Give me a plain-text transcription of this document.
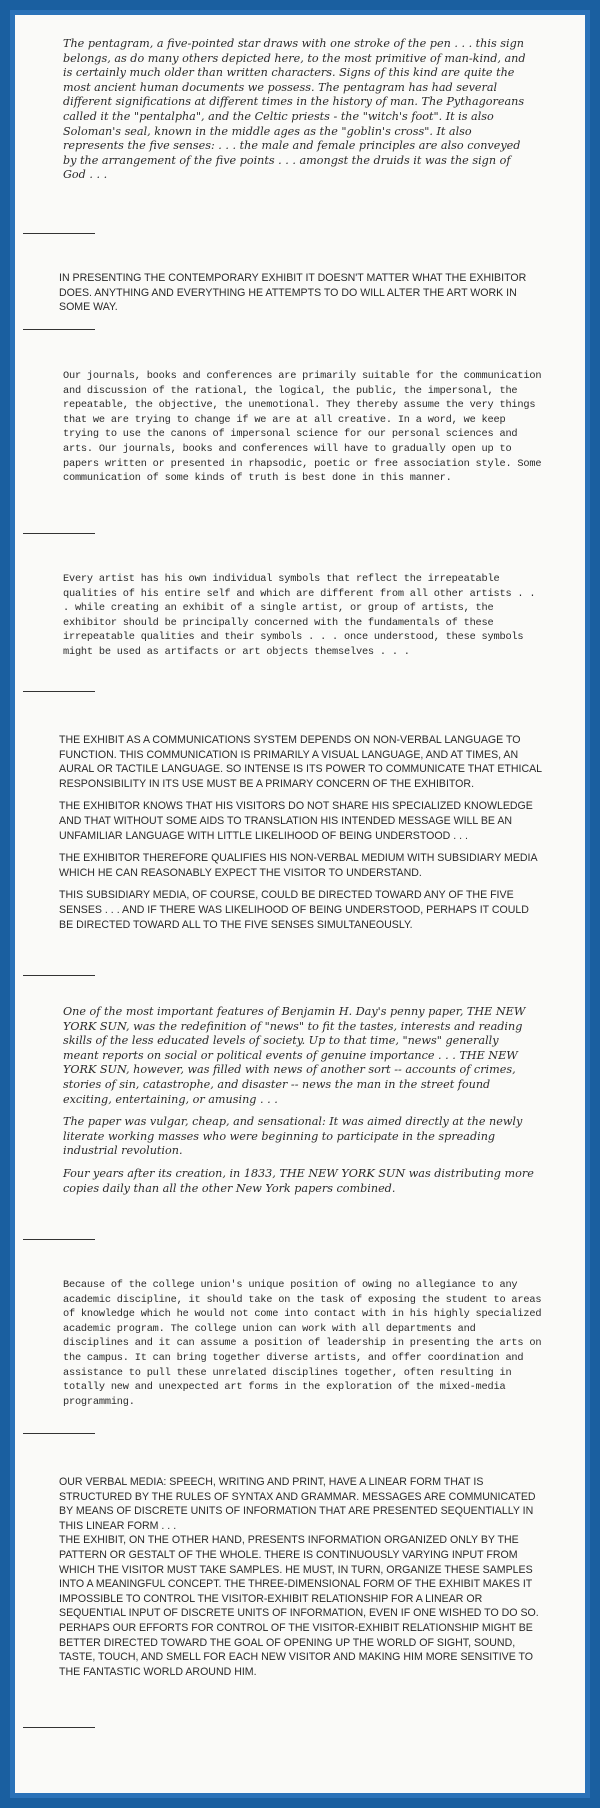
The pentagram, a five-pointed star draws with one stroke of the pen . . . this sign belongs, as do many others depicted here, to the most primitive of man-kind, and is certainly much older than written characters. Signs of this kind are quite the most ancient human documents we possess. The pentagram has had several different significations at different times in the history of man. The Pythagoreans called it the "pentalpha", and the Celtic priests - the "witch's foot". It is also Soloman's seal, known in the middle ages as the "goblin's cross". It also represents the five senses: . . . the male and female principles are also conveyed by the arrangement of the five points . . . amongst the druids it was the sign of God . . .

IN PRESENTING THE CONTEMPORARY EXHIBIT IT DOESN'T MATTER WHAT THE EXHIBITOR DOES. ANYTHING AND EVERYTHING HE ATTEMPTS TO DO WILL ALTER THE ART WORK IN SOME WAY.

Our journals, books and conferences are primarily suitable for the communication and discussion of the rational, the logical, the public, the impersonal, the repeatable, the objective, the unemotional. They thereby assume the very things that we are trying to change if we are at all creative. In a word, we keep trying to use the canons of impersonal science for our personal sciences and arts. Our journals, books and conferences will have to gradually open up to papers written or presented in rhapsodic, poetic or free association style. Some communication of some kinds of truth is best done in this manner.

Every artist has his own individual symbols that reflect the irrepeatable qualities of his entire self and which are different from all other artists . . . while creating an exhibit of a single artist, or group of artists, the exhibitor should be principally concerned with the fundamentals of these irrepeatable qualities and their symbols . . . once understood, these symbols might be used as artifacts or art objects themselves . . .

THE EXHIBIT AS A COMMUNICATIONS SYSTEM DEPENDS ON NON-VERBAL LANGUAGE TO FUNCTION. THIS COMMUNICATION IS PRIMARILY A VISUAL LANGUAGE, AND AT TIMES, AN AURAL OR TACTILE LANGUAGE. SO INTENSE IS ITS POWER TO COMMUNICATE THAT ETHICAL RESPONSIBILITY IN ITS USE MUST BE A PRIMARY CONCERN OF THE EXHIBITOR.

THE EXHIBITOR KNOWS THAT HIS VISITORS DO NOT SHARE HIS SPECIALIZED KNOWLEDGE AND THAT WITHOUT SOME AIDS TO TRANSLATION HIS INTENDED MESSAGE WILL BE AN UNFAMILIAR LANGUAGE WITH LITTLE LIKELIHOOD OF BEING UNDERSTOOD . . .

THE EXHIBITOR THEREFORE QUALIFIES HIS NON-VERBAL MEDIUM WITH SUBSIDIARY MEDIA WHICH HE CAN REASONABLY EXPECT THE VISITOR TO UNDERSTAND.

THIS SUBSIDIARY MEDIA, OF COURSE, COULD BE DIRECTED TOWARD ANY OF THE FIVE SENSES . . . AND IF THERE WAS LIKELIHOOD OF BEING UNDERSTOOD, PERHAPS IT COULD BE DIRECTED TOWARD ALL TO THE FIVE SENSES SIMULTANEOUSLY.

One of the most important features of Benjamin H. Day's penny paper, THE NEW YORK SUN, was the redefinition of "news" to fit the tastes, interests and reading skills of the less educated levels of society. Up to that time, "news" generally meant reports on social or political events of genuine importance . . . THE NEW YORK SUN, however, was filled with news of another sort -- accounts of crimes, stories of sin, catastrophe, and disaster -- news the man in the street found exciting, entertaining, or amusing . . .

The paper was vulgar, cheap, and sensational: It was aimed directly at the newly literate working masses who were beginning to participate in the spreading industrial revolution.

Four years after its creation, in 1833, THE NEW YORK SUN was distributing more copies daily than all the other New York papers combined.

Because of the college union's unique position of owing no allegiance to any academic discipline, it should take on the task of exposing the student to areas of knowledge which he would not come into contact with in his highly specialized academic program. The college union can work with all departments and disciplines and it can assume a position of leadership in presenting the arts on the campus. It can bring together diverse artists, and offer coordination and assistance to pull these unrelated disciplines together, often resulting in totally new and unexpected art forms in the exploration of the mixed-media programming.

OUR VERBAL MEDIA: SPEECH, WRITING AND PRINT, HAVE A LINEAR FORM THAT IS STRUCTURED BY THE RULES OF SYNTAX AND GRAMMAR. MESSAGES ARE COMMUNICATED BY MEANS OF DISCRETE UNITS OF INFORMATION THAT ARE PRESENTED SEQUENTIALLY IN THIS LINEAR FORM . . .

THE EXHIBIT, ON THE OTHER HAND, PRESENTS INFORMATION ORGANIZED ONLY BY THE PATTERN OR GESTALT OF THE WHOLE. THERE IS CONTINUOUSLY VARYING INPUT FROM WHICH THE VISITOR MUST TAKE SAMPLES. HE MUST, IN TURN, ORGANIZE THESE SAMPLES INTO A MEANINGFUL CONCEPT. THE THREE-DIMENSIONAL FORM OF THE EXHIBIT MAKES IT IMPOSSIBLE TO CONTROL THE VISITOR-EXHIBIT RELATIONSHIP FOR A LINEAR OR SEQUENTIAL INPUT OF DISCRETE UNITS OF INFORMATION, EVEN IF ONE WISHED TO DO SO.

PERHAPS OUR EFFORTS FOR CONTROL OF THE VISITOR-EXHIBIT RELATIONSHIP MIGHT BE BETTER DIRECTED TOWARD THE GOAL OF OPENING UP THE WORLD OF SIGHT, SOUND, TASTE, TOUCH, AND SMELL FOR EACH NEW VISITOR AND MAKING HIM MORE SENSITIVE TO THE FANTASTIC WORLD AROUND HIM.
